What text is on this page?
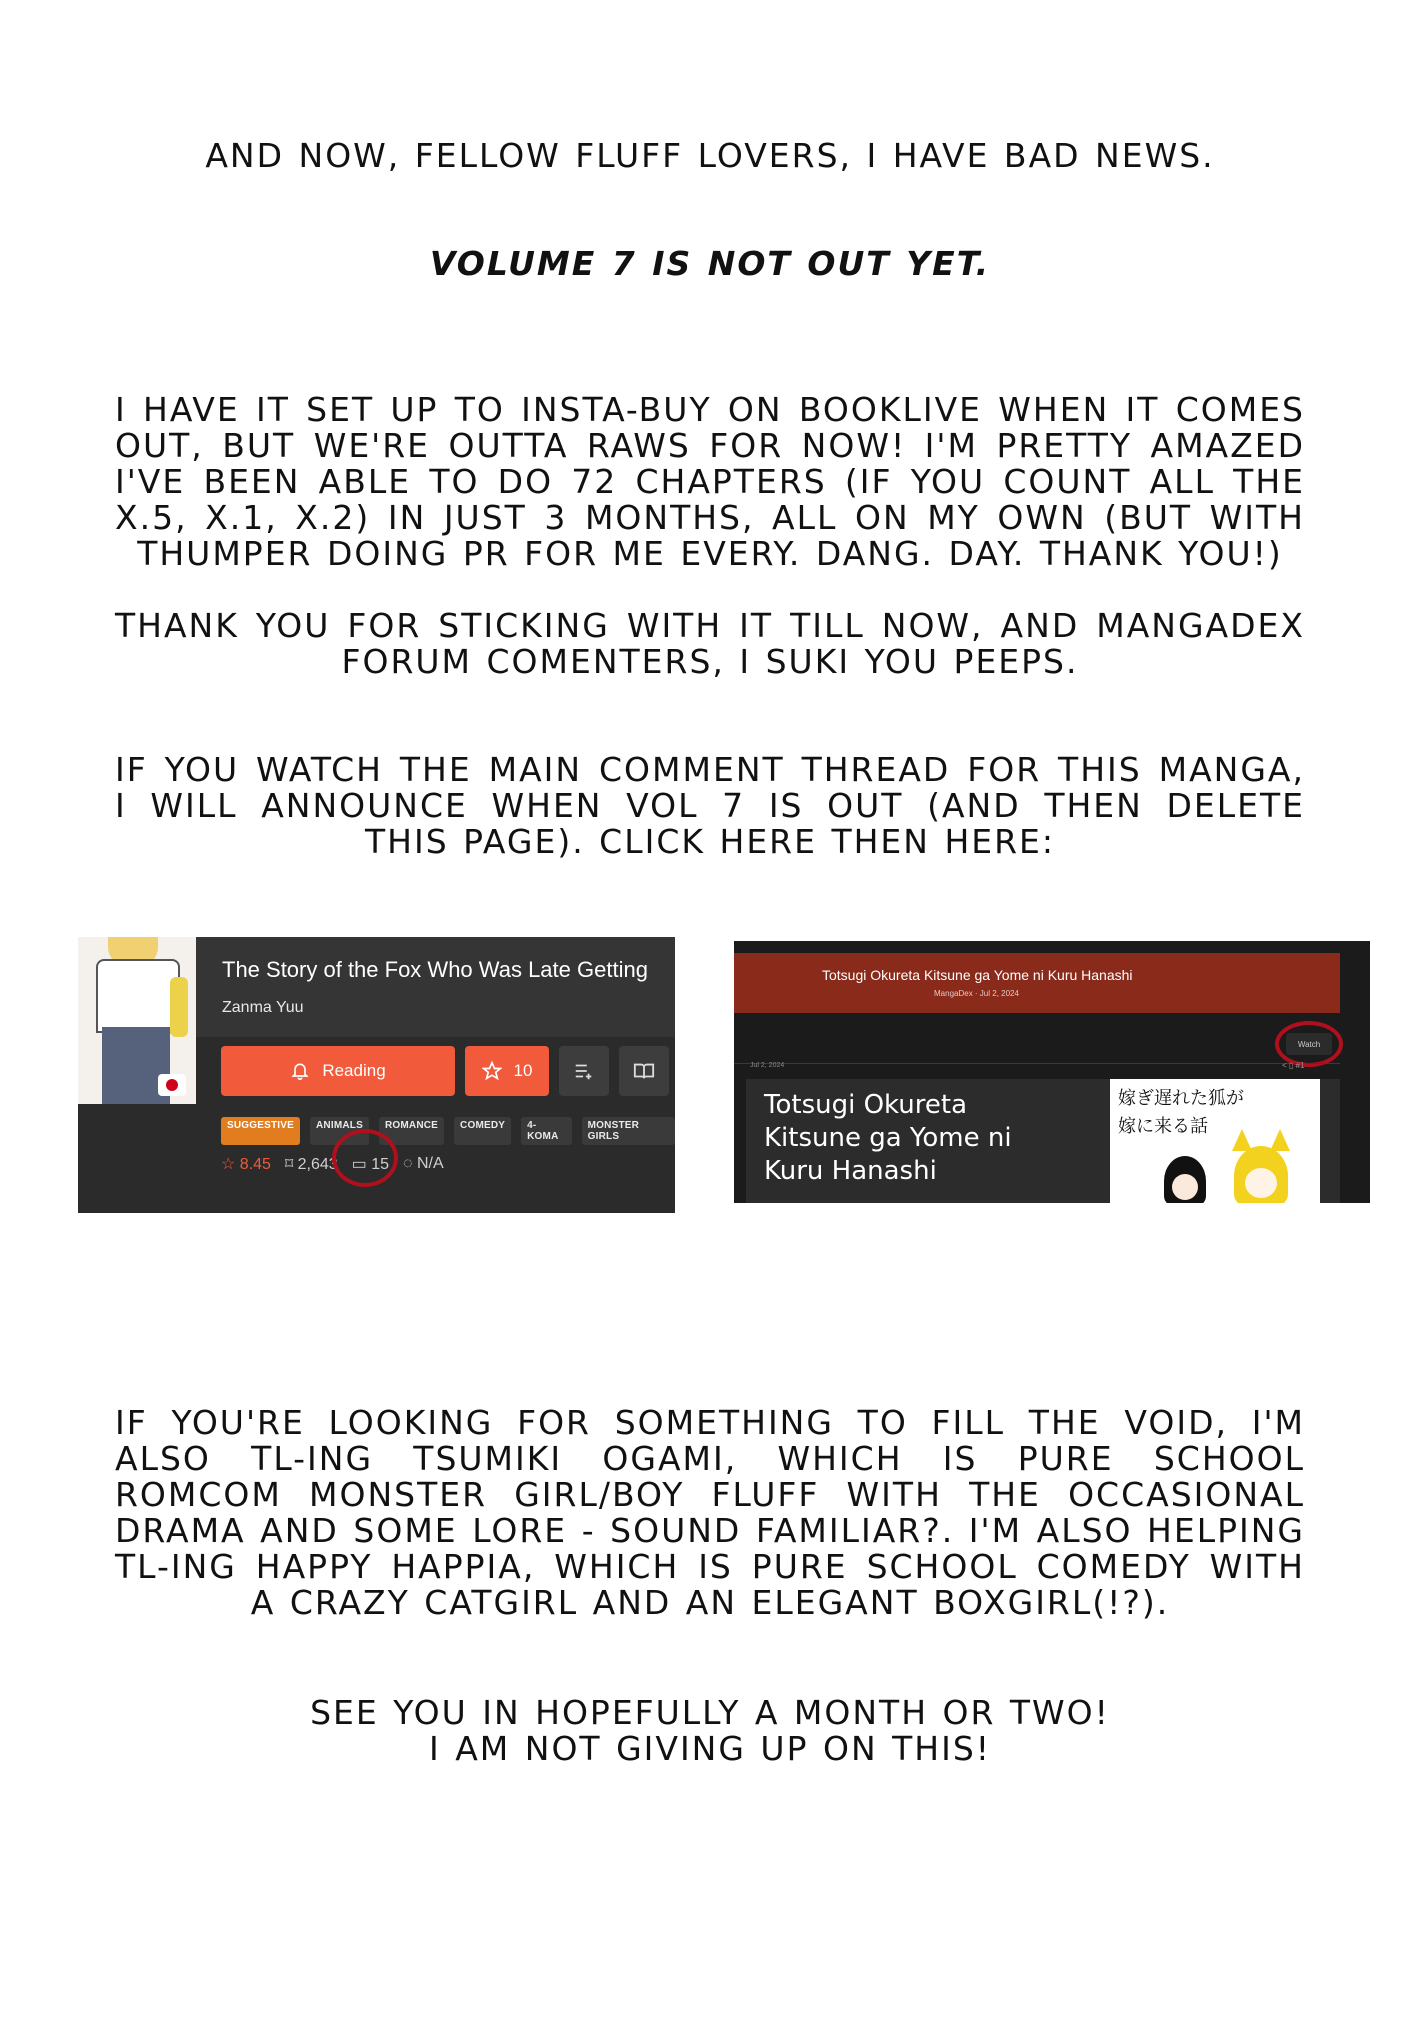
AND NOW, FELLOW FLUFF LOVERS, I HAVE BAD NEWS.
VOLUME 7 IS NOT OUT YET.
I HAVE IT SET UP TO INSTA-BUY ON BOOKLIVE WHEN IT COMES OUT, BUT WE'RE OUTTA RAWS FOR NOW! I'M PRETTY AMAZED I'VE BEEN ABLE TO DO 72 CHAPTERS (IF YOU COUNT ALL THE X.5, X.1, X.2) IN JUST 3 MONTHS, ALL ON MY OWN (BUT WITH THUMPER DOING PR FOR ME EVERY. DANG. DAY. THANK YOU!)
THANK YOU FOR STICKING WITH IT TILL NOW, AND MANGADEX FORUM COMENTERS, I SUKI YOU PEEPS.
IF YOU WATCH THE MAIN COMMENT THREAD FOR THIS MANGA, I WILL ANNOUNCE WHEN VOL 7 IS OUT (AND THEN DELETE THIS PAGE). CLICK HERE THEN HERE:
The Story of the Fox Who Was Late Getting
Zanma Yuu
Reading	10
SUGGESTIVE	ANIMALS	ROMANCE	COMEDY	4-KOMA
MONSTER GIRLS
☆ 8.45 ⌑ 2,643 ▭ 15 ◌ N/A
Totsugi Okureta Kitsune ga Yome ni Kuru Hanashi
MangaDex · Jul 2, 2024
Watch
Jul 2, 2024	< ▯ #1
Totsugi Okureta
Kitsune ga Yome ni
Kuru Hanashi
嫁ぎ遅れた狐が
嫁に来る話
IF YOU'RE LOOKING FOR SOMETHING TO FILL THE VOID, I'M ALSO TL-ING TSUMIKI OGAMI, WHICH IS PURE SCHOOL ROMCOM MONSTER GIRL/BOY FLUFF WITH THE OCCASIONAL DRAMA AND SOME LORE - SOUND FAMILIAR?. I'M ALSO HELPING TL-ING HAPPY HAPPIA, WHICH IS PURE SCHOOL COMEDY WITH A CRAZY CATGIRL AND AN ELEGANT BOXGIRL(!?).
SEE YOU IN HOPEFULLY A MONTH OR TWO!
I AM NOT GIVING UP ON THIS!
